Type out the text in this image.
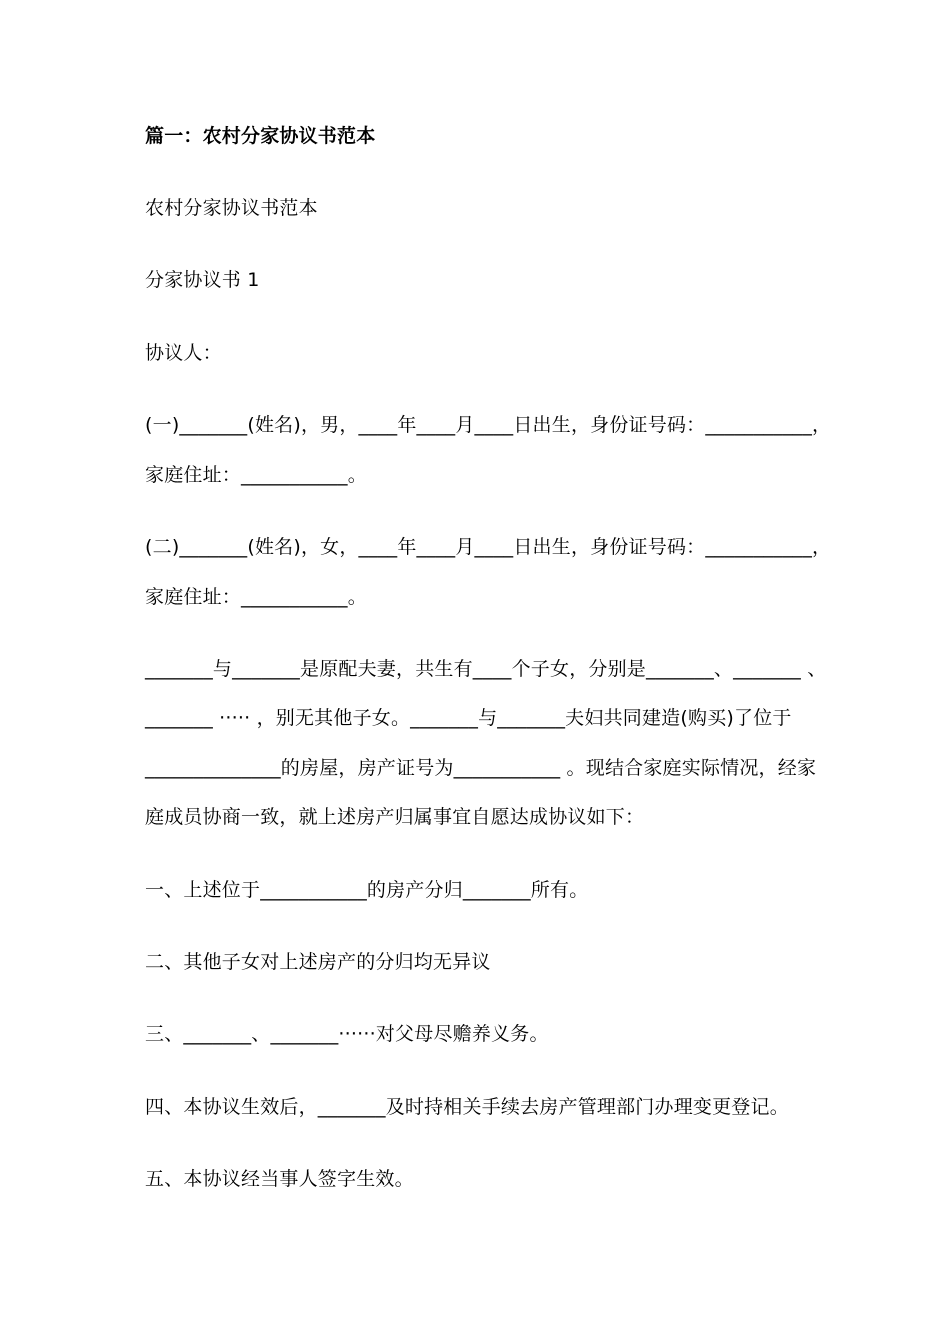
篇一：农村分家协议书范本
农村分家协议书范本
分家协议书 1
协议人：
(一)_______(姓名)，男，____年____月____日出生，身份证号码：___________，
家庭住址：___________。
(二)_______(姓名)，女，____年____月____日出生，身份证号码：___________，
家庭住址：___________。
_______与_______是原配夫妻，共生有____个子女，分别是_______、_______ 、
_______ ····· ，别无其他子女。_______与_______夫妇共同建造(购买)了位于
______________的房屋，房产证号为___________ 。现结合家庭实际情况，经家
庭成员协商一致，就上述房产归属事宜自愿达成协议如下：
一、上述位于___________的房产分归_______所有。
二、其他子女对上述房产的分归均无异议
三、_______、_______······对父母尽赡养义务。
四、本协议生效后，_______及时持相关手续去房产管理部门办理变更登记。
五、本协议经当事人签字生效。
